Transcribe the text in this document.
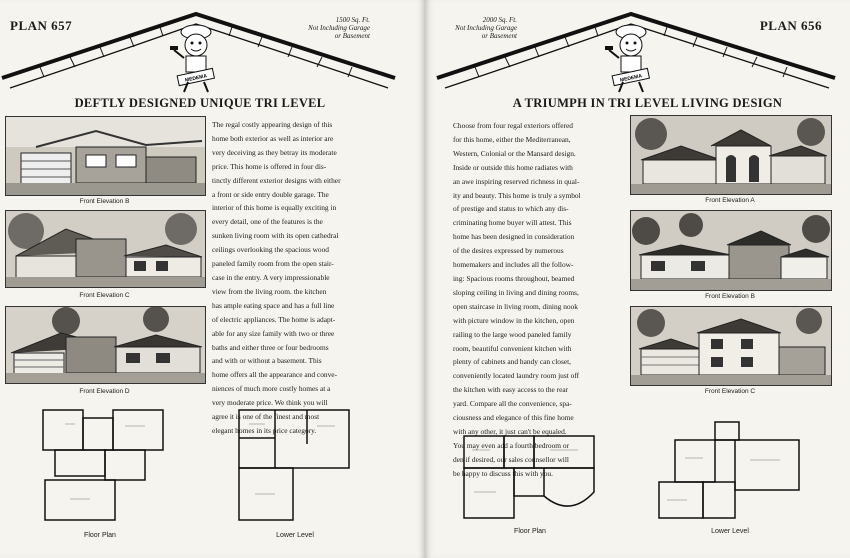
PLAN 657	1500 Sq. Ft.
Not Including Garage
or Basement
MEDEMA
DEFTLY DESIGNED UNIQUE TRI LEVEL
Front Elevation B
Front Elevation C
Front Elevation D
The regal costly appearing design of this
home both exterior as well as interior are
very deceiving as they betray its moderate
price. This home is offered in four dis-
tinctly different exterior designs with either
a front or side entry double garage. The
interior of this home is equally exciting in
every detail, one of the features is the
sunken living room with its open cathedral
ceilings overlooking the spacious wood
paneled family room from the open stair-
case in the entry. A very impressionable
view from the living room. the kitchen
has ample eating space and has a full line
of electric appliances. The home is adapt-
able for any size family with two or three
baths and either three or four bedrooms
and with or without a basement. This
home offers all the appearance and conve-
niences of much more costly homes at a
very moderate price. We think you will
agree it is one of the finest and most
elegant homes in its price category.
Floor Plan	Lower Level
PLAN 656
2000 Sq. Ft.
Not Including Garage
or Basement
MEDEMA
A TRIUMPH IN TRI LEVEL LIVING DESIGN
Choose from four regal exteriors offered
for this home, either the Mediterranean,
Western, Colonial or the Mansard design.
Inside or outside this home radiates with
an awe inspiring reserved richness in qual-
ity and beauty. This home is truly a symbol
of prestige and status to which any dis-
criminating home buyer will attest. This
home has been designed in consideration
of the desires expressed by numerous
homemakers and includes all the follow-
ing: Spacious rooms throughout, beamed
sloping ceiling in living and dining rooms,
open staircase in living room, dining nook
with picture window in the kitchen, open
railing to the large wood paneled family
room, beautiful convenient kitchen with
plenty of cabinets and handy can closet,
conveniently located laundry room just off
the kitchen with easy access to the rear
yard. Compare all the convenience, spa-
ciousness and elegance of this fine home
with any other, it just can't be equaled.
You may even add a fourth bedroom or
den if desired, our sales counsellor will
be happy to discuss this with you.
Front Elevation A
Front Elevation B
Front Elevation C
Floor Plan	Lower Level
